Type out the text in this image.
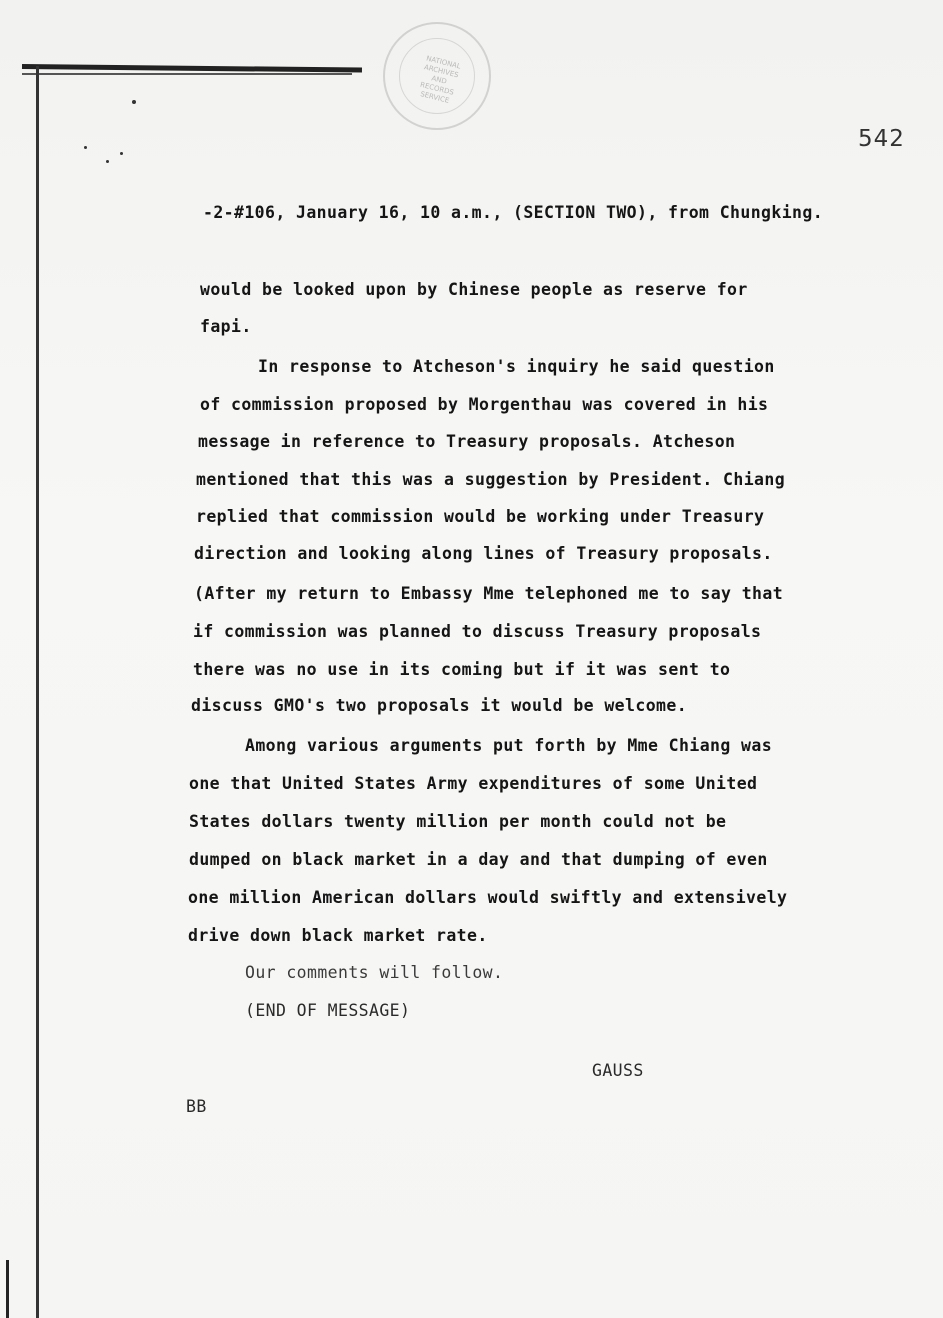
NATIONAL ARCHIVES AND RECORDS SERVICE
542
-2-#106, January 16, 10 a.m., (SECTION TWO), from Chungking.
would be looked upon by Chinese people as reserve for
fapi.
In response to Atcheson's inquiry he said question
of commission proposed by Morgenthau was covered in his
message in reference to Treasury proposals. Atcheson
mentioned that this was a suggestion by President. Chiang
replied that commission would be working under Treasury
direction and looking along lines of Treasury proposals.
(After my return to Embassy Mme telephoned me to say that
if commission was planned to discuss Treasury proposals
there was no use in its coming but if it was sent to
discuss GMO's two proposals it would be welcome.
Among various arguments put forth by Mme Chiang was
one that United States Army expenditures of some United
States dollars twenty million per month could not be
dumped on black market in a day and that dumping of even
one million American dollars would swiftly and extensively
drive down black market rate.
Our comments will follow.
(END OF MESSAGE)
GAUSS
BB
